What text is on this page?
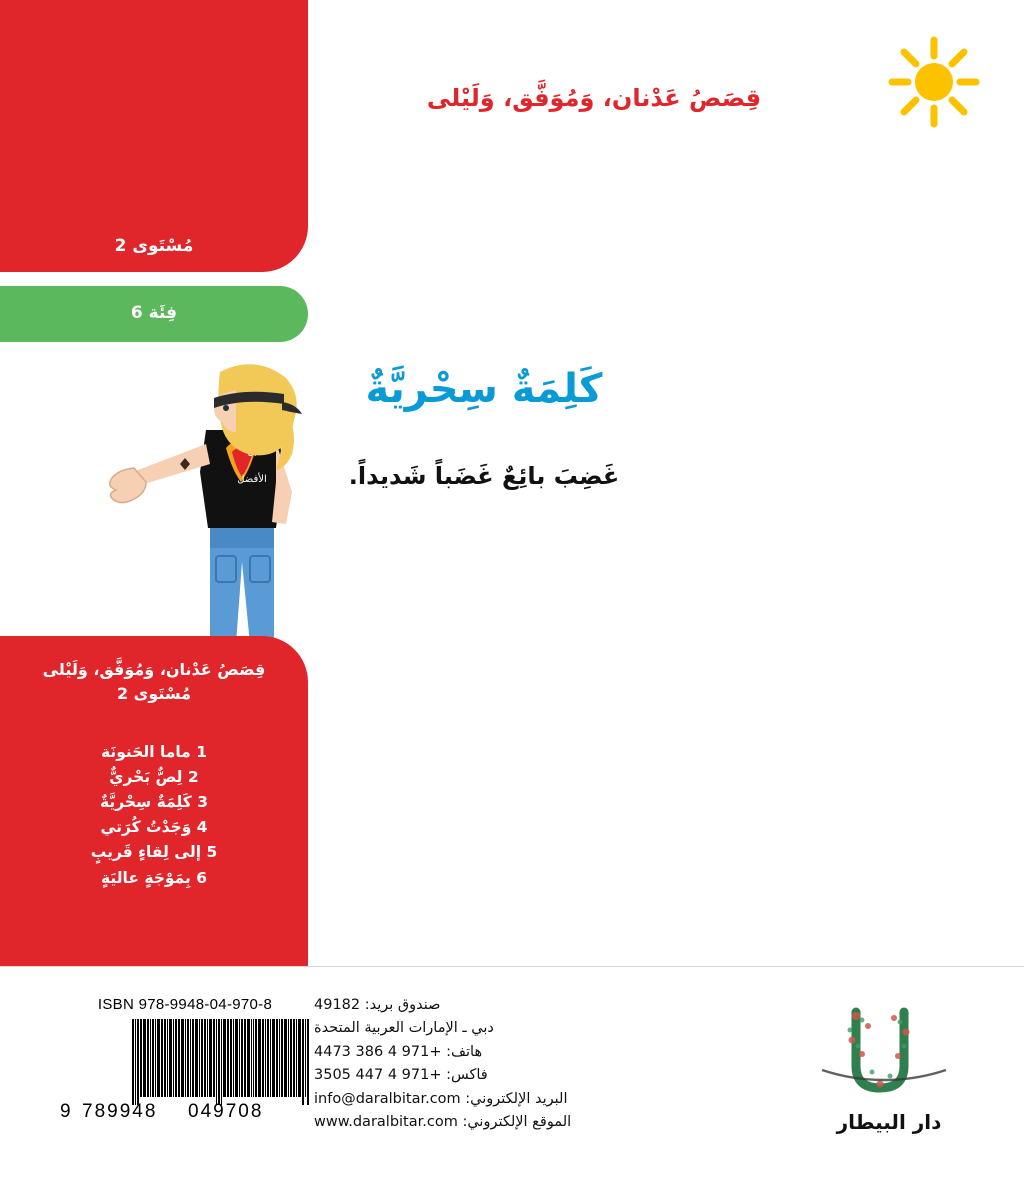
مُسْتَوى 2
فِئَة 6
قِصَصُ عَدْنان، وَمُوَفَّق، وَلَيْلى
كَلِمَةٌ سِحْريَّةٌ
غَضِبَ بائِعٌ غَضَباً شَديداً.
الأفضل
قِصَصُ عَدْنان، وَمُوَفَّق، وَلَيْلى
مُسْتَوى 2
1 ماما الحَنونَة
2 لِصٌّ بَحْريٌّ
3 كَلِمَةٌ سِحْريَّةٌ
4 وَجَدْتُ كُرَتي
5 إلى لِقاءٍ قَريبٍ
6 بِمَوْجَةٍ عاليَةٍ
ISBN 978-9948-04-970-8
9 789948 049708
صندوق بريد: 49182
دبي ـ الإمارات العربية المتحدة
هاتف: +971 4 386 4473
فاكس: +971 4 447 3505
البريد الإلكتروني: info@daralbitar.com
الموقع الإلكتروني: www.daralbitar.com	دار البيطار
